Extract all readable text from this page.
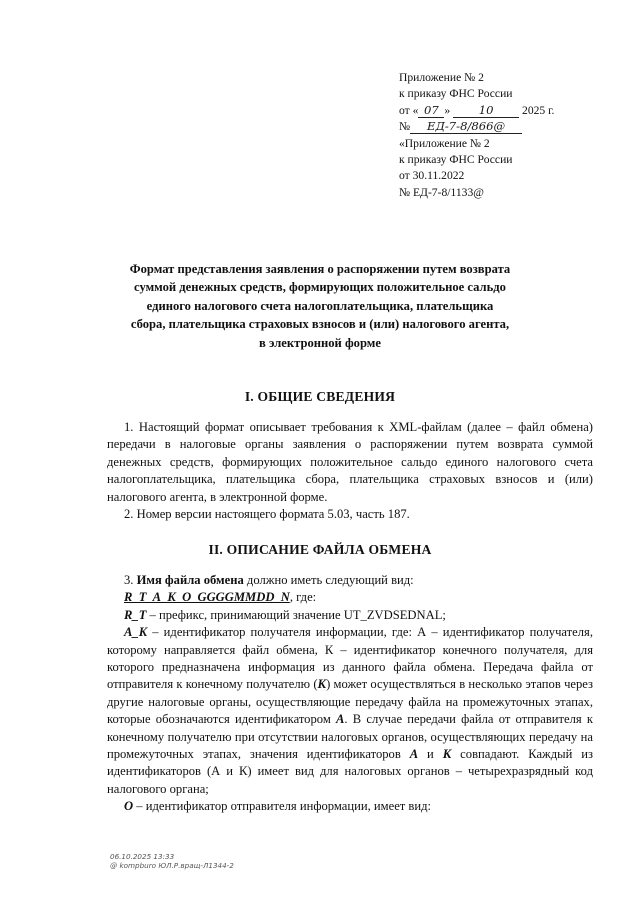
Приложение № 2
к приказу ФНС России
от « 07 » 10 2025 г.
№ ЕД-7-8/866@
«Приложение № 2
к приказу ФНС России
от 30.11.2022
№ ЕД-7-8/1133@
Формат представления заявления о распоряжении путем возврата
суммой денежных средств, формирующих положительное сальдо
единого налогового счета налогоплательщика, плательщика
сбора, плательщика страховых взносов и (или) налогового агента,
в электронной форме
I. ОБЩИЕ СВЕДЕНИЯ

1. Настоящий формат описывает требования к XML-файлам (далее – файл обмена) передачи в налоговые органы заявления о распоряжении путем возврата суммой денежных средств, формирующих положительное сальдо единого налогового счета налогоплательщика, плательщика сбора, плательщика страховых взносов и (или) налогового агента, в электронной форме.

2. Номер версии настоящего формата 5.03, часть 187.

II. ОПИСАНИЕ ФАЙЛА ОБМЕНА

3. Имя файла обмена должно иметь следующий вид:

R_T_A_K_O_GGGGMMDD_N, где:

R_T – префикс, принимающий значение UT_ZVDSEDNAL;

A_K – идентификатор получателя информации, где: А – идентификатор получателя, которому направляется файл обмена, К – идентификатор конечного получателя, для которого предназначена информация из данного файла обмена. Передача файла от отправителя к конечному получателю (К) может осуществляться в несколько этапов через другие налоговые органы, осуществляющие передачу файла на промежуточных этапах, которые обозначаются идентификатором А. В случае передачи файла от отправителя к конечному получателю при отсутствии налоговых органов, осуществляющих передачу на промежуточных этапах, значения идентификаторов А и К совпадают. Каждый из идентификаторов (А и К) имеет вид для налоговых органов – четырехразрядный код налогового органа;

О – идентификатор отправителя информации, имеет вид:

06.10.2025 13:33
@ kompburo ЮЛ.Р.вращ-Л1344-2
